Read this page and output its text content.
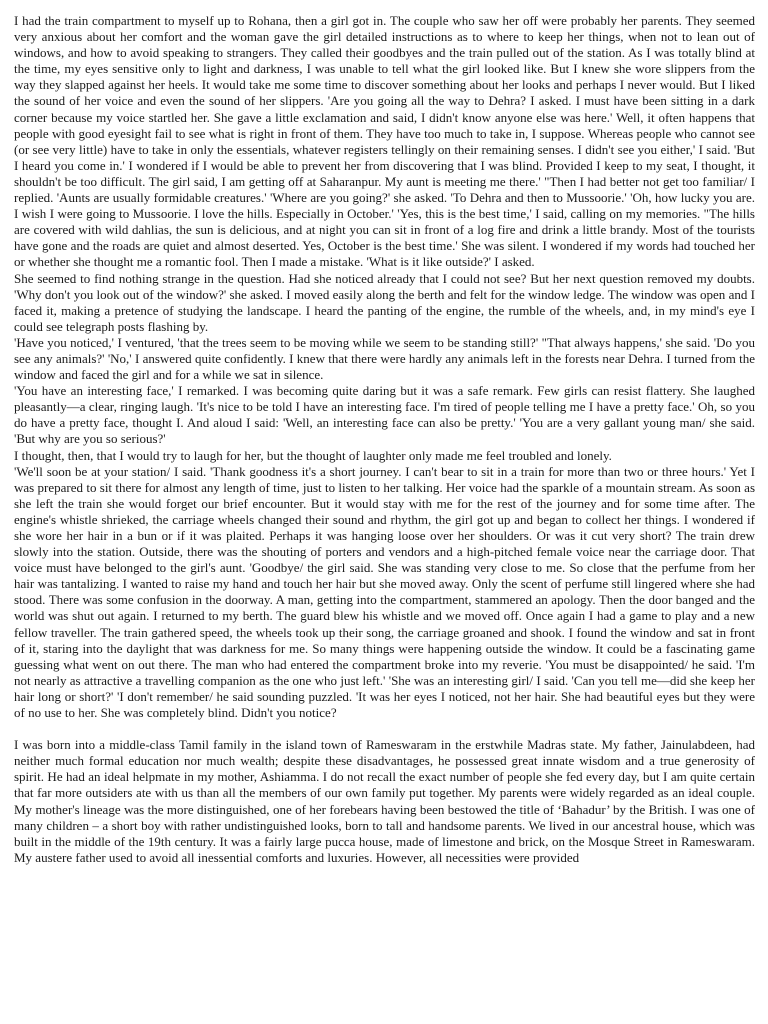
I had the train compartment to myself up to Rohana, then a girl got in. The couple who saw her off were probably her parents. They seemed very anxious about her comfort and the woman gave the girl detailed instructions as to where to keep her things, when not to lean out of windows, and how to avoid speaking to strangers. They called their goodbyes and the train pulled out of the station. As I was totally blind at the time, my eyes sensitive only to light and darkness, I was unable to tell what the girl looked like. But I knew she wore slippers from the way they slapped against her heels. It would take me some time to discover something about her looks and perhaps I never would. But I liked the sound of her voice and even the sound of her slippers. 'Are you going all the way to Dehra? I asked. I must have been sitting in a dark corner because my voice startled her. She gave a little exclamation and said, I didn't know anyone else was here.' Well, it often happens that people with good eyesight fail to see what is right in front of them. They have too much to take in, I suppose. Whereas people who cannot see (or see very little) have to take in only the essentials, whatever registers tellingly on their remaining senses. I didn't see you either,' I said. 'But I heard you come in.' I wondered if I would be able to prevent her from discovering that I was blind. Provided I keep to my seat, I thought, it shouldn't be too difficult. The girl said, I am getting off at Saharanpur. My aunt is meeting me there.' "Then I had better not get too familiar/ I replied. 'Aunts are usually formidable creatures.' 'Where are you going?' she asked. 'To Dehra and then to Mussoorie.' 'Oh, how lucky you are. I wish I were going to Mussoorie. I love the hills. Especially in October.' 'Yes, this is the best time,' I said, calling on my memories. "The hills are covered with wild dahlias, the sun is delicious, and at night you can sit in front of a log fire and drink a little brandy. Most of the tourists have gone and the roads are quiet and almost deserted. Yes, October is the best time.' She was silent. I wondered if my words had touched her or whether she thought me a romantic fool. Then I made a mistake. 'What is it like outside?' I asked.

She seemed to find nothing strange in the question. Had she noticed already that I could not see? But her next question removed my doubts. 'Why don't you look out of the window?' she asked. I moved easily along the berth and felt for the window ledge. The window was open and I faced it, making a pretence of studying the landscape. I heard the panting of the engine, the rumble of the wheels, and, in my mind's eye I could see telegraph posts flashing by.

'Have you noticed,' I ventured, 'that the trees seem to be moving while we seem to be standing still?' "That always happens,' she said. 'Do you see any animals?' 'No,' I answered quite confidently. I knew that there were hardly any animals left in the forests near Dehra. I turned from the window and faced the girl and for a while we sat in silence.

'You have an interesting face,' I remarked. I was becoming quite daring but it was a safe remark. Few girls can resist flattery. She laughed pleasantly—a clear, ringing laugh. 'It's nice to be told I have an interesting face. I'm tired of people telling me I have a pretty face.' Oh, so you do have a pretty face, thought I. And aloud I said: 'Well, an interesting face can also be pretty.' 'You are a very gallant young man/ she said. 'But why are you so serious?'

I thought, then, that I would try to laugh for her, but the thought of laughter only made me feel troubled and lonely.

'We'll soon be at your station/ I said. 'Thank goodness it's a short journey. I can't bear to sit in a train for more than two or three hours.' Yet I was prepared to sit there for almost any length of time, just to listen to her talking. Her voice had the sparkle of a mountain stream. As soon as she left the train she would forget our brief encounter. But it would stay with me for the rest of the journey and for some time after. The engine's whistle shrieked, the carriage wheels changed their sound and rhythm, the girl got up and began to collect her things. I wondered if she wore her hair in a bun or if it was plaited. Perhaps it was hanging loose over her shoulders. Or was it cut very short? The train drew slowly into the station. Outside, there was the shouting of porters and vendors and a high-pitched female voice near the carriage door. That voice must have belonged to the girl's aunt. 'Goodbye/ the girl said. She was standing very close to me. So close that the perfume from her hair was tantalizing. I wanted to raise my hand and touch her hair but she moved away. Only the scent of perfume still lingered where she had stood. There was some confusion in the doorway. A man, getting into the compartment, stammered an apology. Then the door banged and the world was shut out again. I returned to my berth. The guard blew his whistle and we moved off. Once again I had a game to play and a new fellow traveller. The train gathered speed, the wheels took up their song, the carriage groaned and shook. I found the window and sat in front of it, staring into the daylight that was darkness for me. So many things were happening outside the window. It could be a fascinating game guessing what went on out there. The man who had entered the compartment broke into my reverie. 'You must be disappointed/ he said. 'I'm not nearly as attractive a travelling companion as the one who just left.' 'She was an interesting girl/ I said. 'Can you tell me—did she keep her hair long or short?' 'I don't remember/ he said sounding puzzled. 'It was her eyes I noticed, not her hair. She had beautiful eyes but they were of no use to her. She was completely blind. Didn't you notice?

I was born into a middle-class Tamil family in the island town of Rameswaram in the erstwhile Madras state. My father, Jainulabdeen, had neither much formal education nor much wealth; despite these disadvantages, he possessed great innate wisdom and a true generosity of spirit. He had an ideal helpmate in my mother, Ashiamma. I do not recall the exact number of people she fed every day, but I am quite certain that far more outsiders ate with us than all the members of our own family put together. My parents were widely regarded as an ideal couple. My mother's lineage was the more distinguished, one of her forebears having been bestowed the title of ‘Bahadur’ by the British. I was one of many children – a short boy with rather undistinguished looks, born to tall and handsome parents. We lived in our ancestral house, which was built in the middle of the 19th century. It was a fairly large pucca house, made of limestone and brick, on the Mosque Street in Rameswaram. My austere father used to avoid all inessential comforts and luxuries. However, all necessities were provided
